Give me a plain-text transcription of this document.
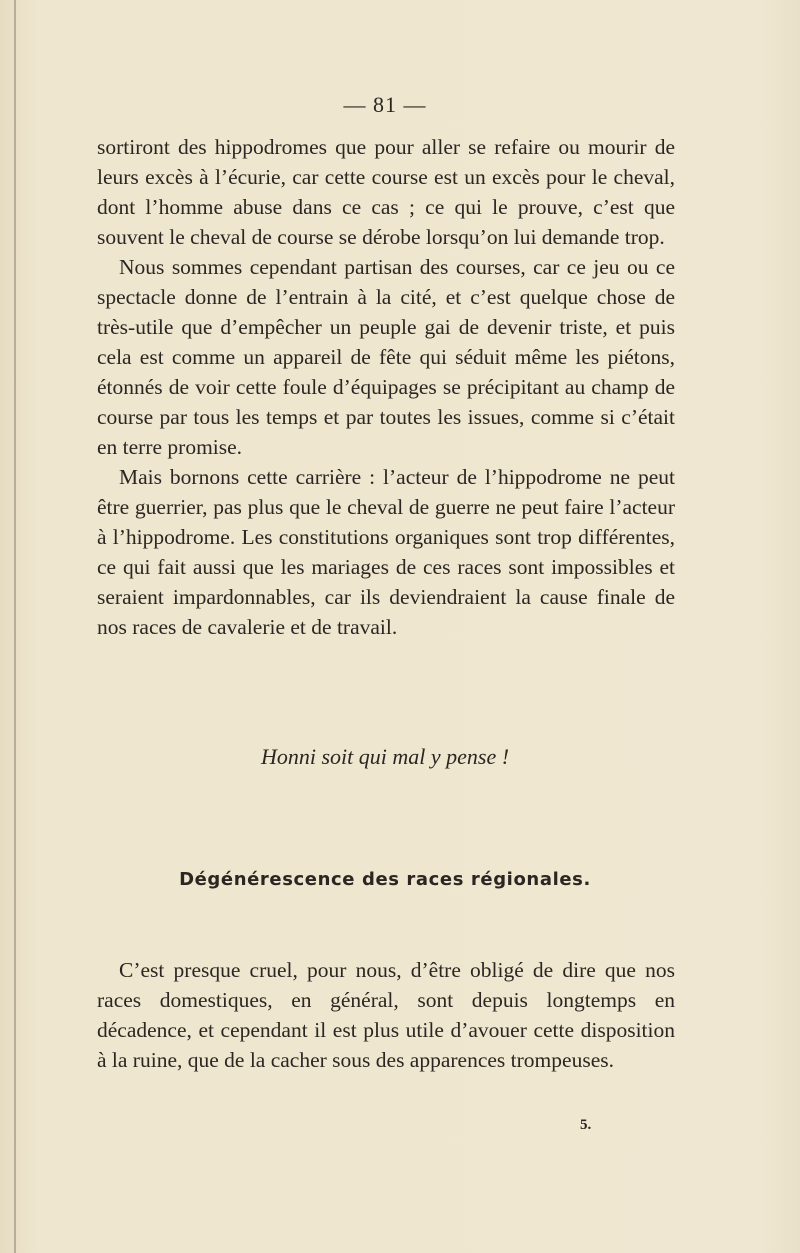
— 81 —

sortiront des hippodromes que pour aller se refaire ou mourir de leurs excès à l’écurie, car cette course est un excès pour le cheval, dont l’homme abuse dans ce cas ; ce qui le prouve, c’est que souvent le cheval de course se dérobe lorsqu’on lui demande trop.

Nous sommes cependant partisan des courses, car ce jeu ou ce spectacle donne de l’entrain à la cité, et c’est quelque chose de très-utile que d’empêcher un peuple gai de devenir triste, et puis cela est comme un appareil de fête qui séduit même les piétons, étonnés de voir cette foule d’équipages se précipitant au champ de course par tous les temps et par toutes les issues, comme si c’était en terre promise.

Mais bornons cette carrière : l’acteur de l’hippodrome ne peut être guerrier, pas plus que le cheval de guerre ne peut faire l’acteur à l’hippodrome. Les constitutions organiques sont trop différentes, ce qui fait aussi que les mariages de ces races sont impossibles et seraient impardonnables, car ils deviendraient la cause finale de nos races de cavalerie et de travail.

Honni soit qui mal y pense !
Dégénérescence des races régionales.

C’est presque cruel, pour nous, d’être obligé de dire que nos races domestiques, en général, sont depuis longtemps en décadence, et cependant il est plus utile d’avouer cette disposition à la ruine, que de la cacher sous des apparences trompeuses.

5.
